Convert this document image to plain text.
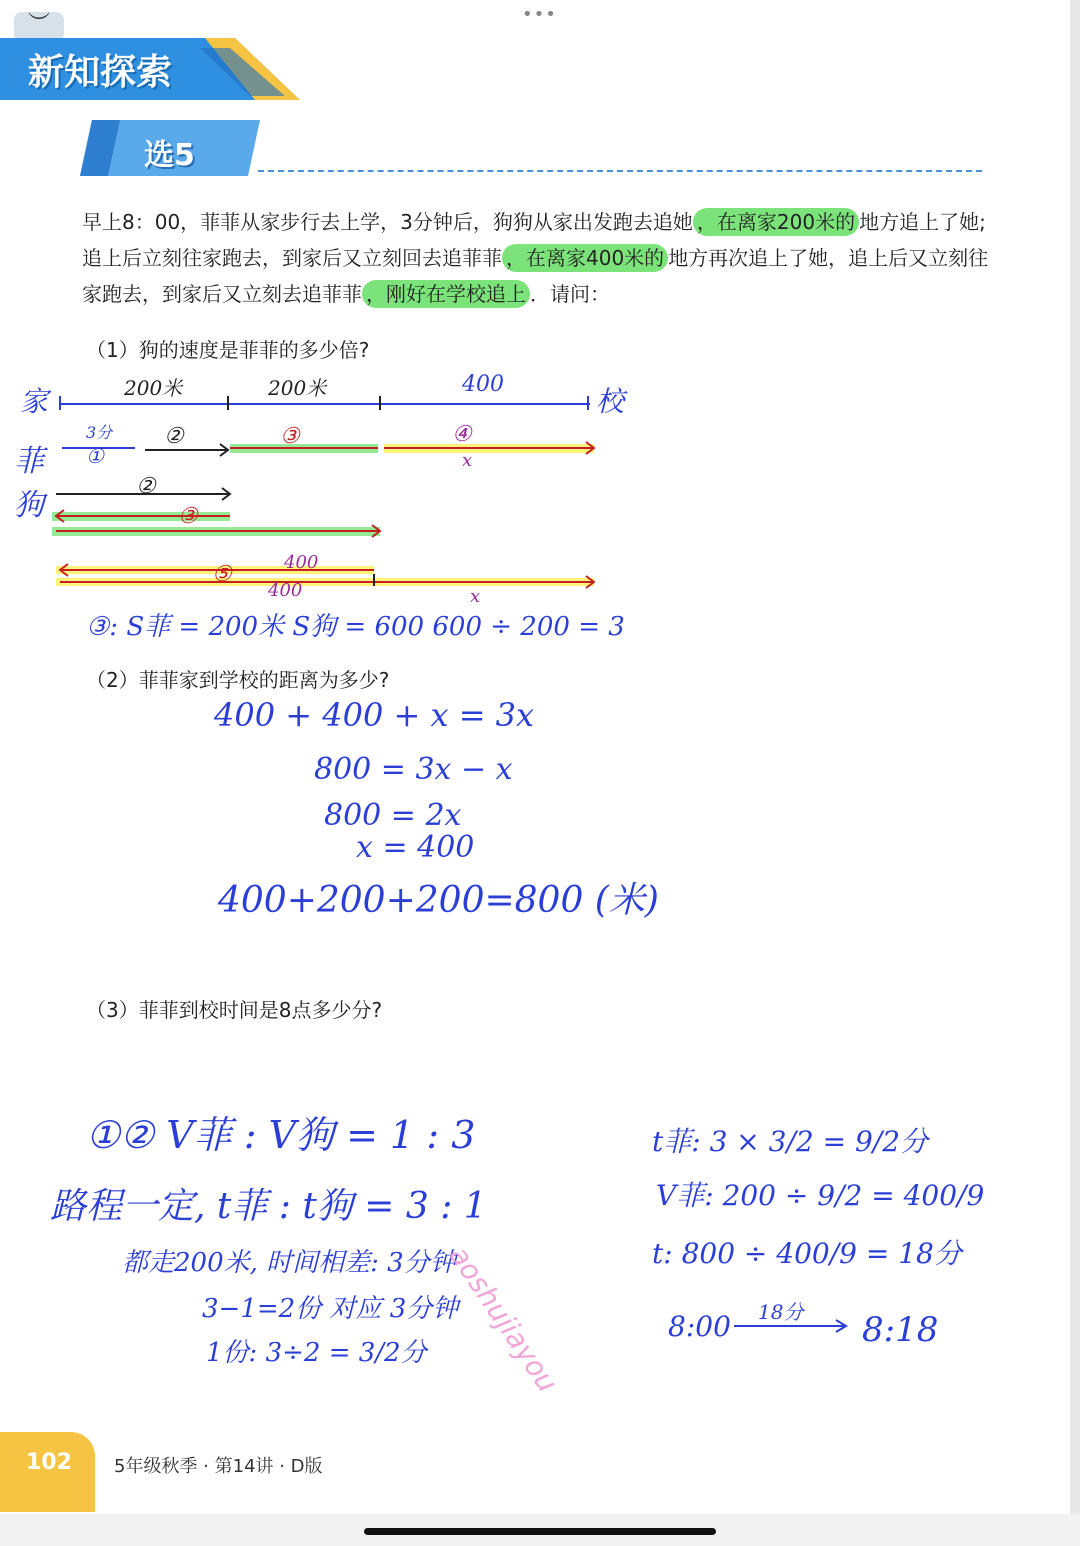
︶	•••
新知探索
选5
早上8：00，菲菲从家步行去上学，3分钟后，狗狗从家出发跑去追她 ，在离家200米的 地方追上了她;追上后立刻往家跑去，到家后又立刻回去追菲菲 ，在离家400米的 地方再次追上了她，追上后又立刻往家跑去，到家后又立刻去追菲菲 ，刚好在学校追上 ．请问：
（1）狗的速度是菲菲的多少倍?
家	校
菲
狗
200米	200米	400
3分
①
②	③	④
x
②
③
⑤	400
400	x
③: S菲 = 200米 S狗 = 600 600 ÷ 200 = 3
（2）菲菲家到学校的距离为多少?
400 + 400 + x = 3x
800 = 3x − x
800 = 2x
x = 400
400+200+200=800 (米)
（3）菲菲到校时间是8点多少分?
①② V菲 : V狗 = 1 : 3
路程一定, t菲 : t狗 = 3 : 1
都走200米, 时间相差: 3分钟
3−1=2份 对应 3分钟
1份: 3÷2 = 3/2分
t菲: 3 × 3/2 = 9/2分
V菲: 200 ÷ 9/2 = 400/9
t: 800 ÷ 400/9 = 18分
8:00 18分 8:18
aoshujiayou
102 5年级秋季 · 第14讲 · D版
